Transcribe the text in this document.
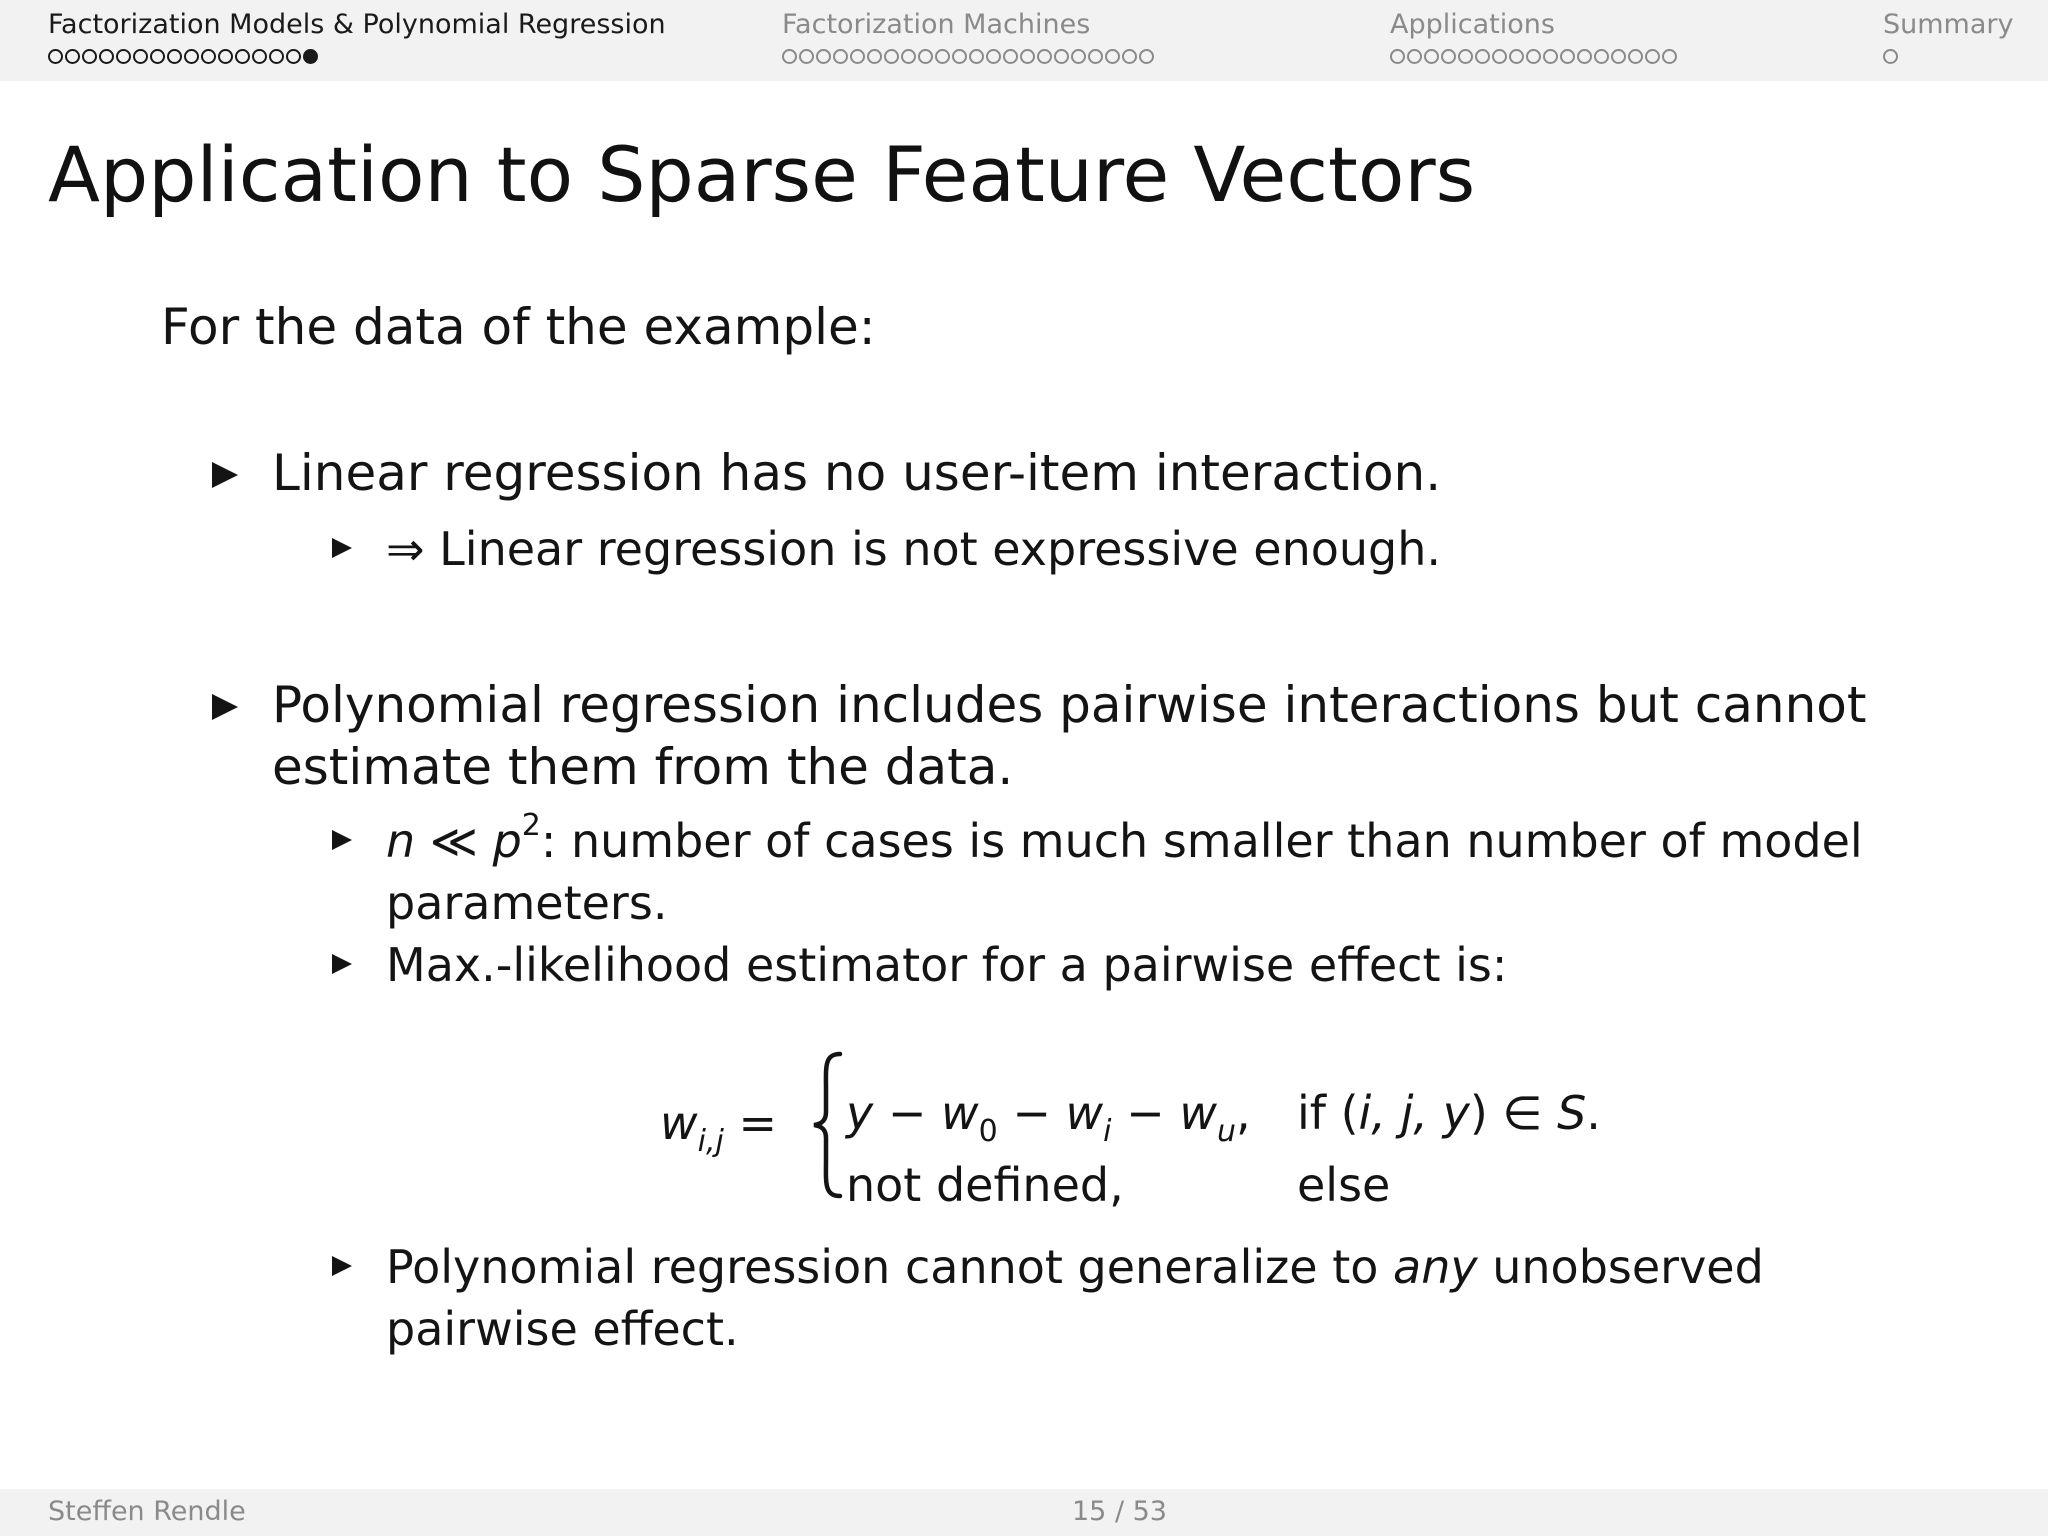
Factorization Models & Polynomial Regression	Factorization Machines	Applications	Summary
Application to Sparse Feature Vectors
For the data of the example:
Linear regression has no user-item interaction.
⇒ Linear regression is not expressive enough.
Polynomial regression includes pairwise interactions but cannot estimate them from the data.
n ≪ $p^2$: number of cases is much smaller than number of model parameters.
Max.-likelihood estimator for a pairwise effect is:
$w_{i,j} = y - w_0 - w_i - w_u$, if (i, j, y) ∈ S.
not defined,	else
Polynomial regression cannot generalize to any unobserved pairwise effect.
Steffen Rendle	15 / 53
